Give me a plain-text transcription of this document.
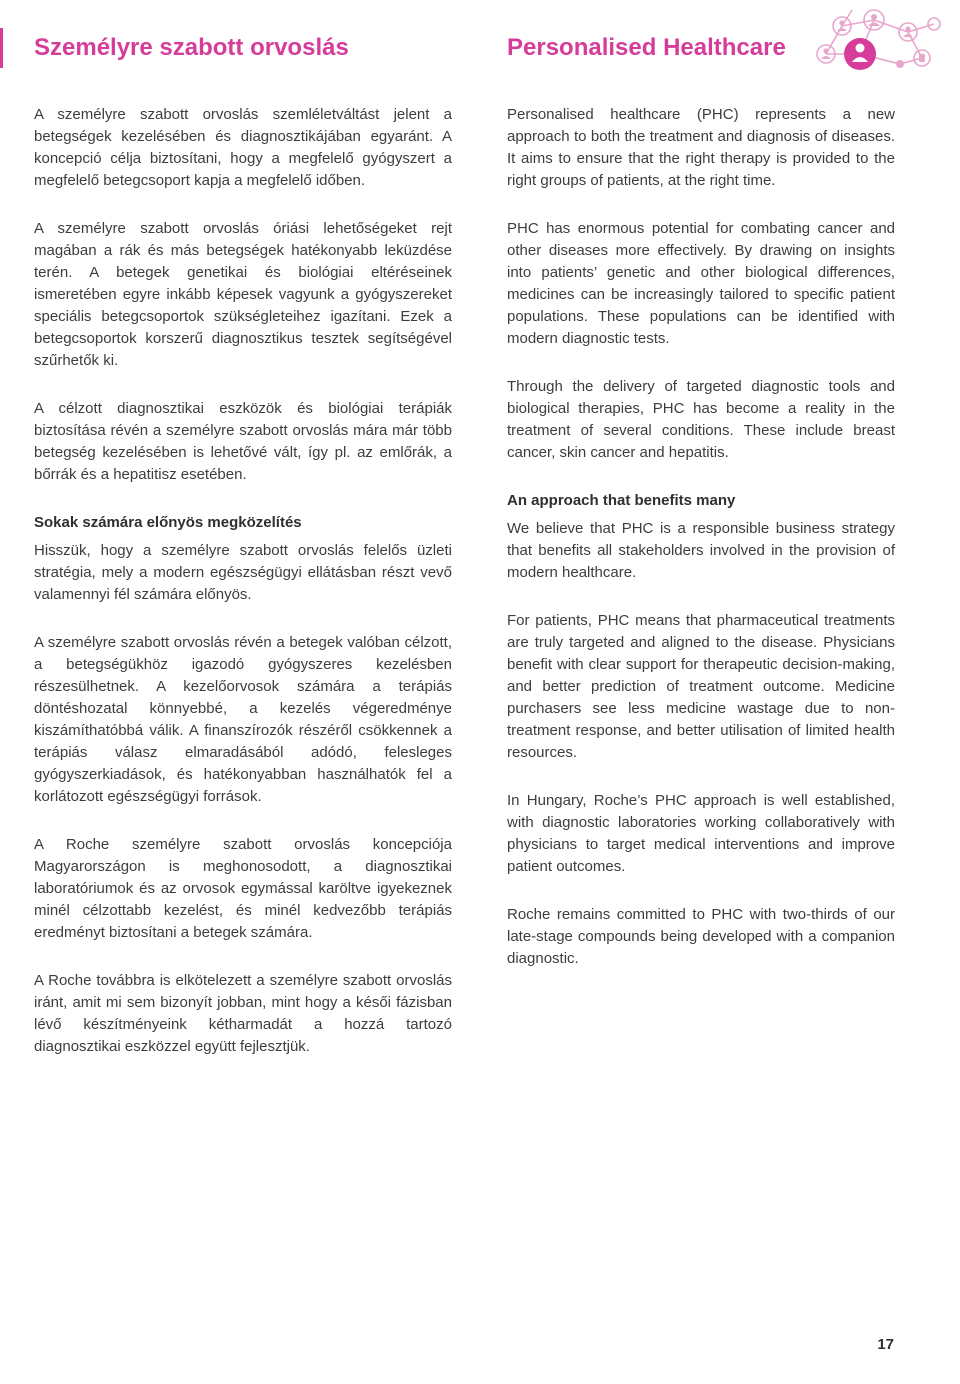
Személyre szabott orvoslás	Personalised Healthcare

A személyre szabott orvoslás szemléletváltást jelent a betegségek kezelésében és diagnosztikájában egyaránt. A koncepció célja biztosítani, hogy a megfelelő gyógyszert a megfelelő betegcsoport kapja a megfelelő időben.

A személyre szabott orvoslás óriási lehetőségeket rejt magában a rák és más betegségek hatékonyabb leküzdése terén. A betegek genetikai és biológiai eltéréseinek ismeretében egyre inkább képesek vagyunk a gyógyszereket speciális betegcsoportok szükségleteihez igazítani. Ezek a betegcsoportok korszerű diagnosztikus tesztek segítségével szűrhetők ki.

A célzott diagnosztikai eszközök és biológiai terápiák biztosítása révén a személyre szabott orvoslás mára már több betegség kezelésében is lehetővé vált, így pl. az emlőrák, a bőrrák és a hepatitisz esetében.

Sokak számára előnyös megközelítés

Hisszük, hogy a személyre szabott orvoslás felelős üzleti stratégia, mely a modern egészségügyi ellátásban részt vevő valamennyi fél számára előnyös.

A személyre szabott orvoslás révén a betegek valóban célzott, a betegségükhöz igazodó gyógyszeres kezelésben részesülhetnek. A kezelőorvosok számára a terápiás döntéshozatal könnyebbé, a kezelés végeredménye kiszámíthatóbbá válik. A finanszírozók részéről csökkennek a terápiás válasz elmaradásából adódó, felesleges gyógyszerkiadások, és hatékonyabban használhatók fel a korlátozott egészségügyi források.

A Roche személyre szabott orvoslás koncepciója Magyarországon is meghonosodott, a diagnosztikai laboratóriumok és az orvosok egymással karöltve igyekeznek minél célzottabb kezelést, és minél kedvezőbb terápiás eredményt biztosítani a betegek számára.

A Roche továbbra is elkötelezett a személyre szabott orvoslás iránt, amit mi sem bizonyít jobban, mint hogy a késői fázisban lévő készítményeink kétharmadát a hozzá tartozó diagnosztikai eszközzel együtt fejlesztjük.

Personalised healthcare (PHC) represents a new approach to both the treatment and diagnosis of diseases. It aims to ensure that the right therapy is provided to the right groups of patients, at the right time.

PHC has enormous potential for combating cancer and other diseases more effectively. By drawing on insights into patients’ genetic and other biological differences, medicines can be increasingly tailored to specific patient populations. These populations can be identified with modern diagnostic tests.

Through the delivery of targeted diagnostic tools and biological therapies, PHC has become a reality in the treatment of several conditions. These include breast cancer, skin cancer and hepatitis.

An approach that benefits many

We believe that PHC is a responsible business strategy that benefits all stakeholders involved in the provision of modern healthcare.

For patients, PHC means that pharmaceutical treatments are truly targeted and aligned to the disease. Physicians benefit with clear support for therapeutic decision-making, and better prediction of treatment outcome. Medicine purchasers see less medicine wastage due to non-treatment response, and better utilisation of limited health resources.

In Hungary, Roche’s PHC approach is well established, with diagnostic laboratories working collaboratively with physicians to target medical interventions and improve patient outcomes.

Roche remains committed to PHC with two-thirds of our late-stage compounds being developed with a companion diagnostic.

17
